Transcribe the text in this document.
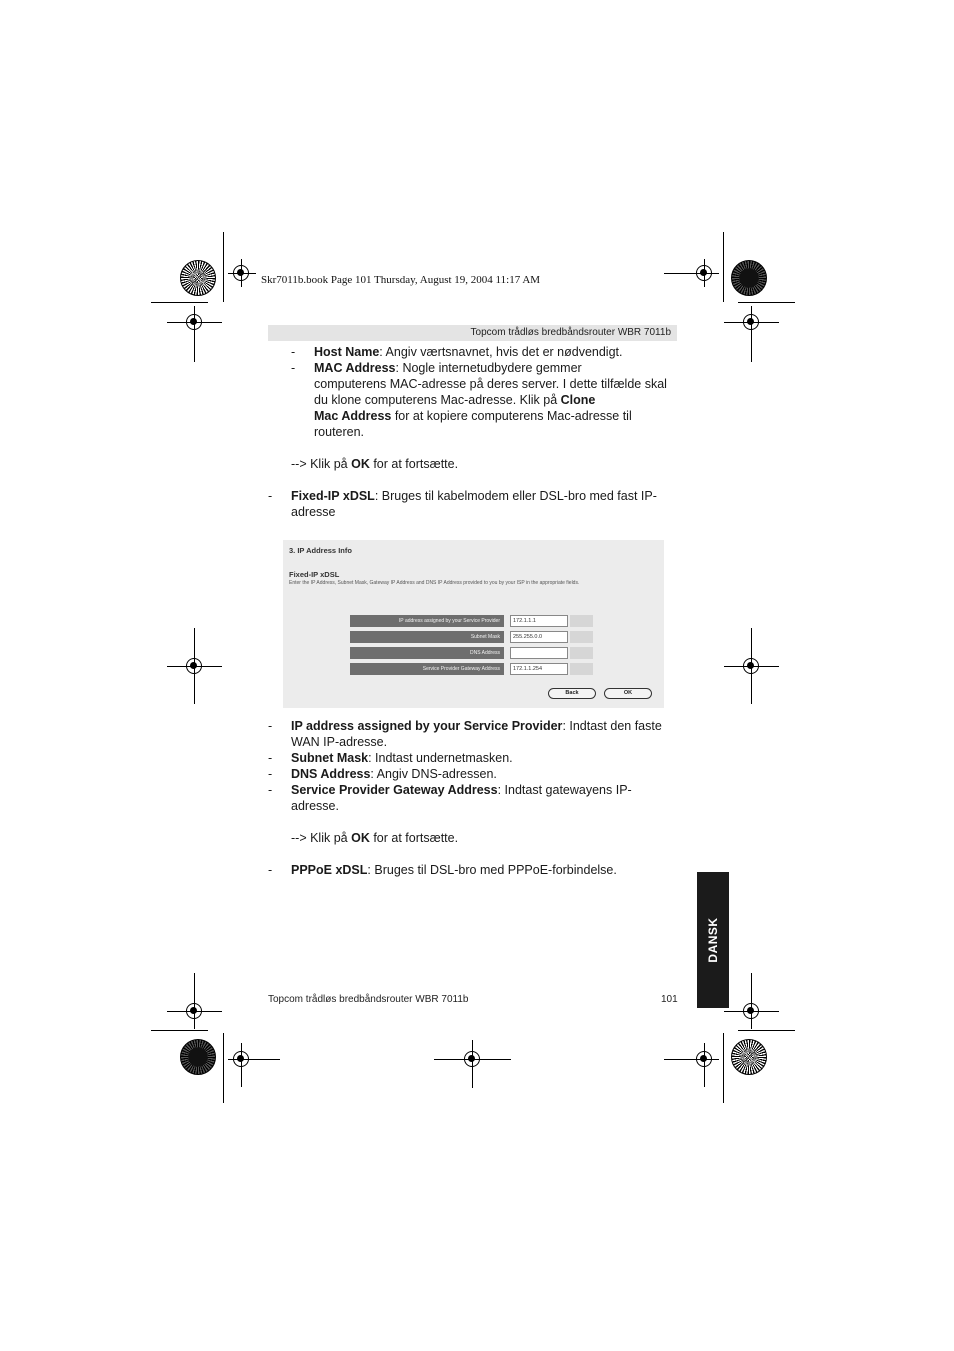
Skr7011b.book Page 101 Thursday, August 19, 2004 11:17 AM
Topcom trådløs bredbåndsrouter WBR 7011b
- Host Name: Angiv værtsnavnet, hvis det er nødvendigt.
- MAC Address: Nogle internetudbydere gemmer
computerens MAC-adresse på deres server. I dette tilfælde skal
du klone computerens Mac-adresse. Klik på Clone
Mac Address for at kopiere computerens Mac-adresse til
routeren.
--> Klik på OK for at fortsætte.
- Fixed-IP xDSL: Bruges til kabelmodem eller DSL-bro med fast IP-
adresse
3. IP Address Info
Fixed-IP xDSL
Enter the IP Address, Subnet Mask, Gateway IP Address and DNS IP Address provided to you by your ISP in the appropriate fields.
IP address assigned by your Service Provider	172.1.1.1
Subnet Mask	255.255.0.0
DNS Address
Service Provider Gateway Address	172.1.1.254
Back	OK
- IP address assigned by your Service Provider: Indtast den faste
WAN IP-adresse.
- Subnet Mask: Indtast undernetmasken.
- DNS Address: Angiv DNS-adressen.
- Service Provider Gateway Address: Indtast gatewayens IP-
adresse.
--> Klik på OK for at fortsætte.
- PPPoE xDSL: Bruges til DSL-bro med PPPoE-forbindelse.
DANSK
Topcom trådløs bredbåndsrouter WBR 7011b	101
